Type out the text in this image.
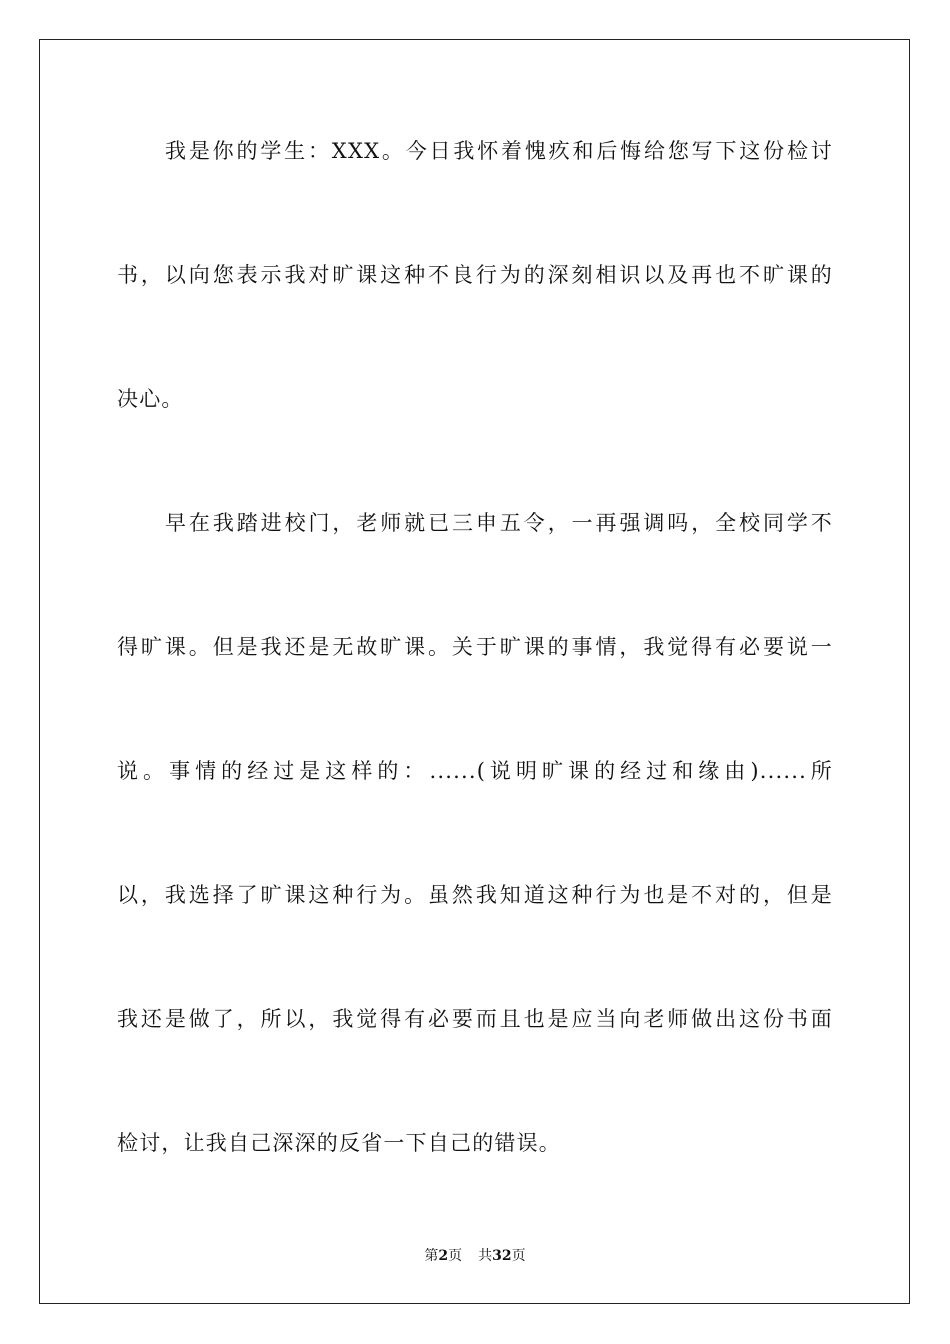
我是你的学生：XXX。今日我怀着愧疚和后悔给您写下这份检讨
书，以向您表示我对旷课这种不良行为的深刻相识以及再也不旷课的
决心。
早在我踏进校门，老师就已三申五令，一再强调吗，全校同学不
得旷课。但是我还是无故旷课。关于旷课的事情，我觉得有必要说一
说。事情的经过是这样的：......(说明旷课的经过和缘由)......所
以，我选择了旷课这种行为。虽然我知道这种行为也是不对的，但是
我还是做了，所以，我觉得有必要而且也是应当向老师做出这份书面
检讨，让我自己深深的反省一下自己的错误。
第2页 共32页
